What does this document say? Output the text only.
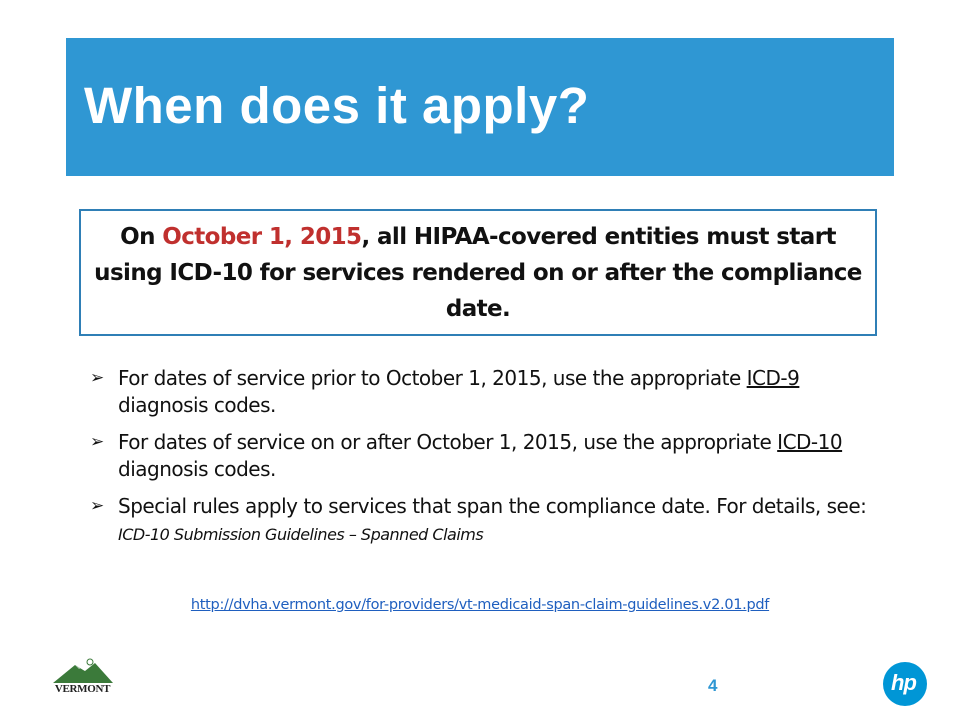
When does it apply?

On October 1, 2015, all HIPAA-covered entities must start using ICD-10 for services rendered on or after the compliance date.

➢ For dates of service prior to October 1, 2015, use the appropriate ICD-9 diagnosis codes.
➢ For dates of service on or after October 1, 2015, use the appropriate ICD-10 diagnosis codes.
➢ Special rules apply to services that span the compliance date. For details, see: ICD-10 Submission Guidelines – Spanned Claims
http://dvha.vermont.gov/for-providers/vt-medicaid-span-claim-guidelines.v2.01.pdf
VERMONT	4	hp
